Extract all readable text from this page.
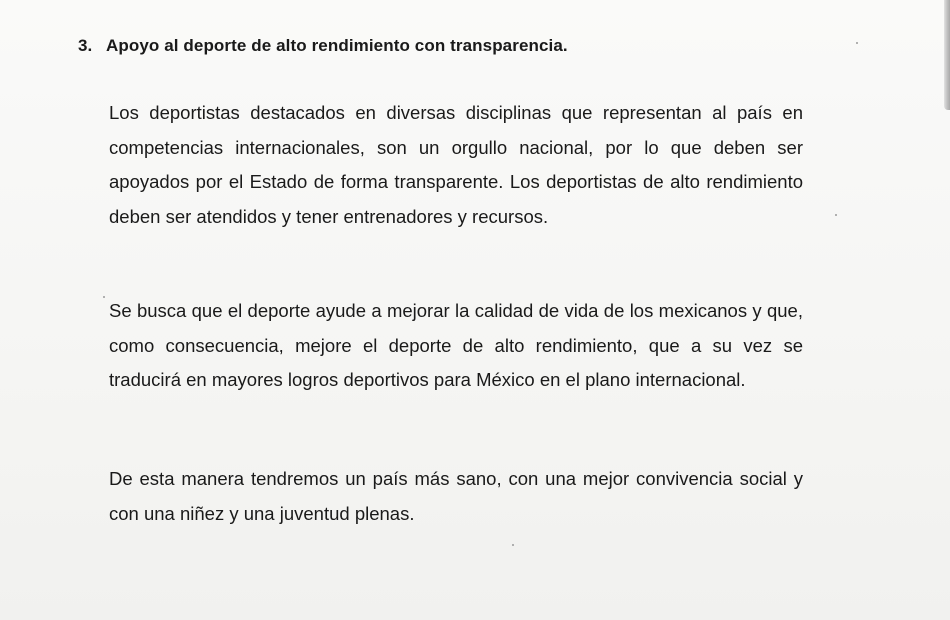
3. Apoyo al deporte de alto rendimiento con transparencia.

Los deportistas destacados en diversas disciplinas que representan al país en competencias internacionales, son un orgullo nacional, por lo que deben ser apoyados por el Estado de forma transparente. Los deportistas de alto rendimiento deben ser atendidos y tener entrenadores y recursos.

Se busca que el deporte ayude a mejorar la calidad de vida de los mexicanos y que, como consecuencia, mejore el deporte de alto rendimiento, que a su vez se traducirá en mayores logros deportivos para México en el plano internacional.

De esta manera tendremos un país más sano, con una mejor convivencia social y con una niñez y una juventud plenas.
